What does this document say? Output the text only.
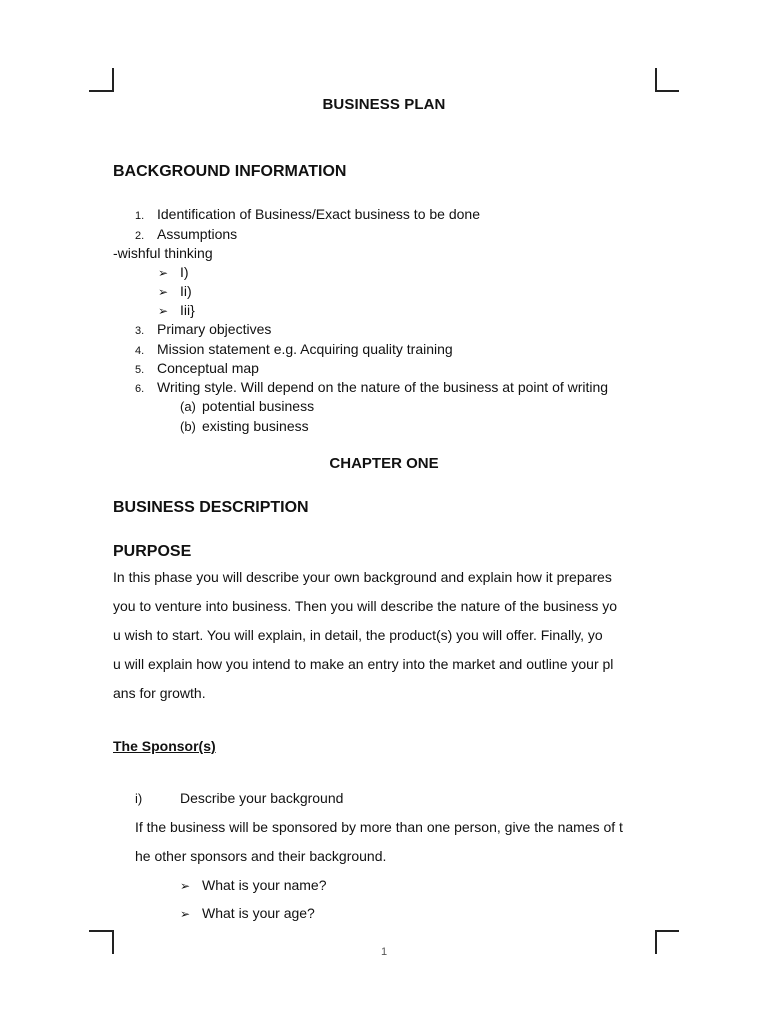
BUSINESS PLAN
BACKGROUND INFORMATION
1. Identification of Business/Exact business to be done
2. Assumptions
-wishful thinking
➢ I)
➢ Ii)
➢ Iii}
3. Primary objectives
4. Mission statement e.g. Acquiring quality training
5. Conceptual map
6. Writing style. Will depend on the nature of the business at point of writing
(a) potential business
(b) existing business
CHAPTER ONE
BUSINESS DESCRIPTION
PURPOSE
In this phase you will describe your own background and explain how it prepares
you to venture into business. Then you will describe the nature of the business yo
u wish to start. You will explain, in detail, the product(s) you will offer. Finally, yo
u will explain how you intend to make an entry into the market and outline your pl
ans for growth.
The Sponsor(s)
i)	Describe your background
If the business will be sponsored by more than one person, give the names of t
he other sponsors and their background.
➢ What is your name?
➢ What is your age?
1
